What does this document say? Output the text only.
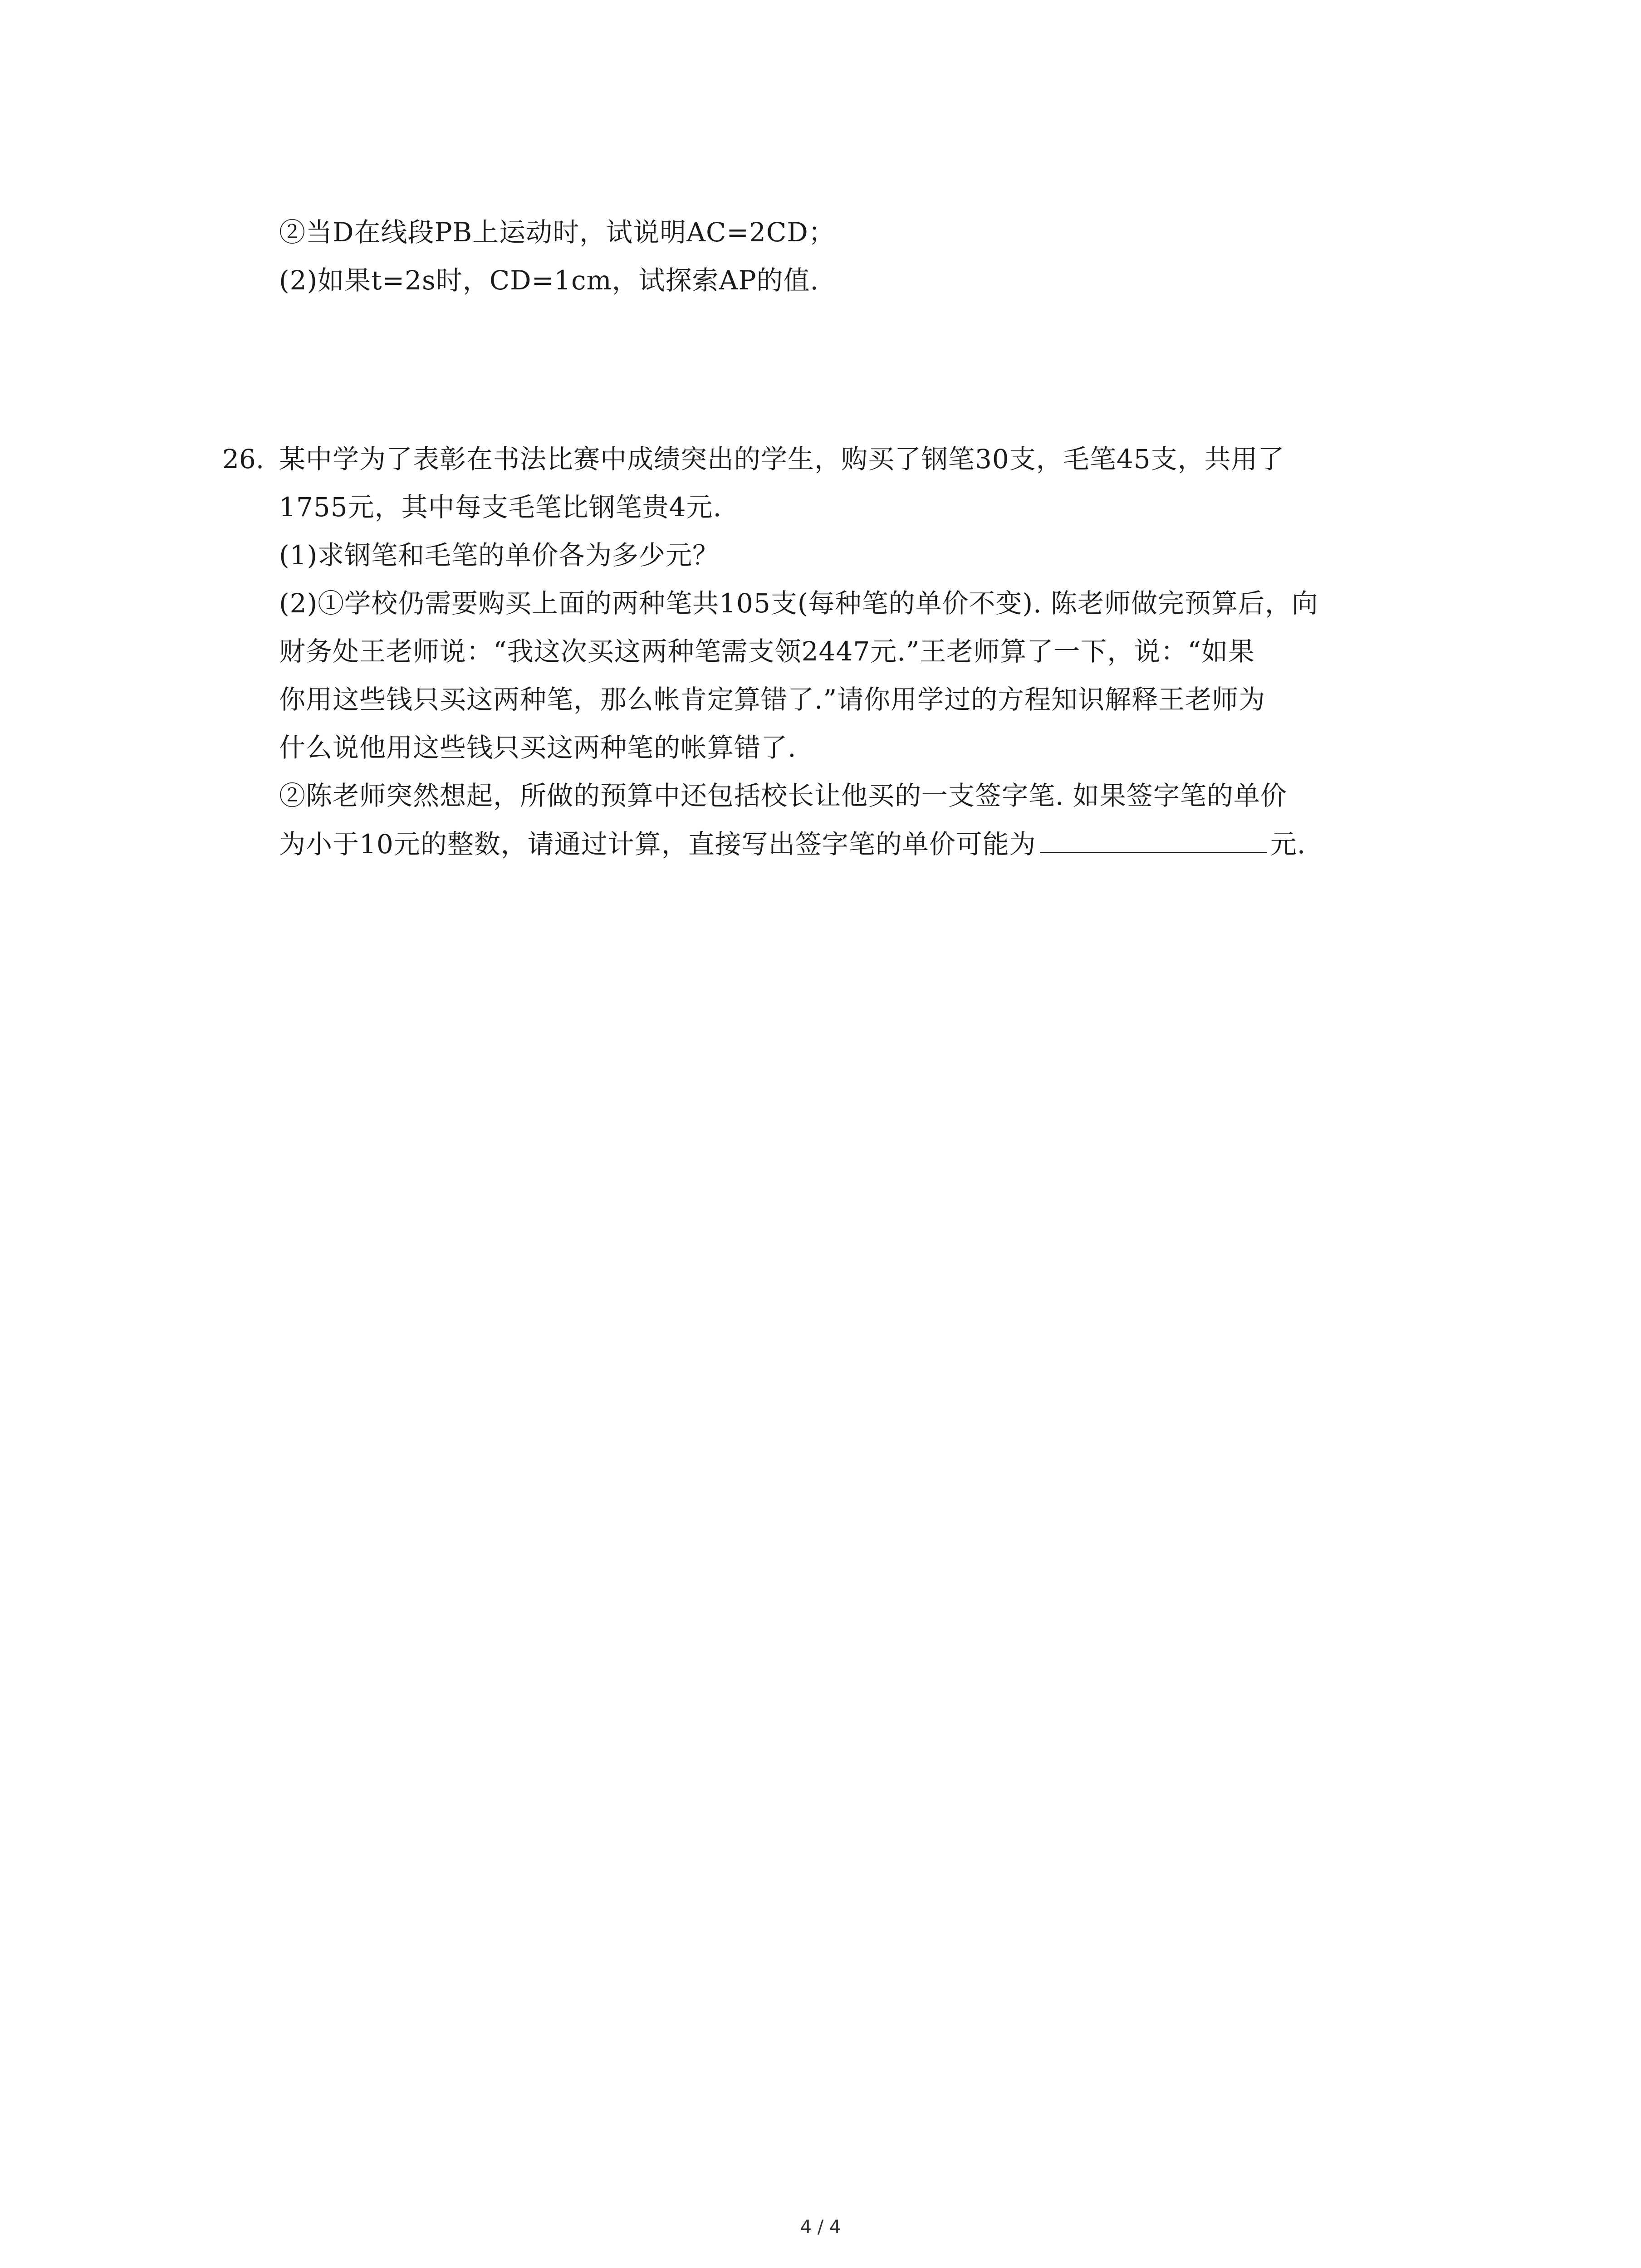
②当D在线段PB上运动时，试说明AC=2CD；
(2)如果t=2s时，CD=1cm，试探索AP的值.
26. 某中学为了表彰在书法比赛中成绩突出的学生，购买了钢笔30支，毛笔45支，共用了
1755元，其中每支毛笔比钢笔贵4元.
(1)求钢笔和毛笔的单价各为多少元？
(2)①学校仍需要购买上面的两种笔共105支(每种笔的单价不变). 陈老师做完预算后，向
财务处王老师说：“我这次买这两种笔需支领2447元.”王老师算了一下，说：“如果
你用这些钱只买这两种笔，那么帐肯定算错了.”请你用学过的方程知识解释王老师为
什么说他用这些钱只买这两种笔的帐算错了.
②陈老师突然想起，所做的预算中还包括校长让他买的一支签字笔. 如果签字笔的单价
为小于10元的整数，请通过计算，直接写出签字笔的单价可能为	元.
4 / 4
